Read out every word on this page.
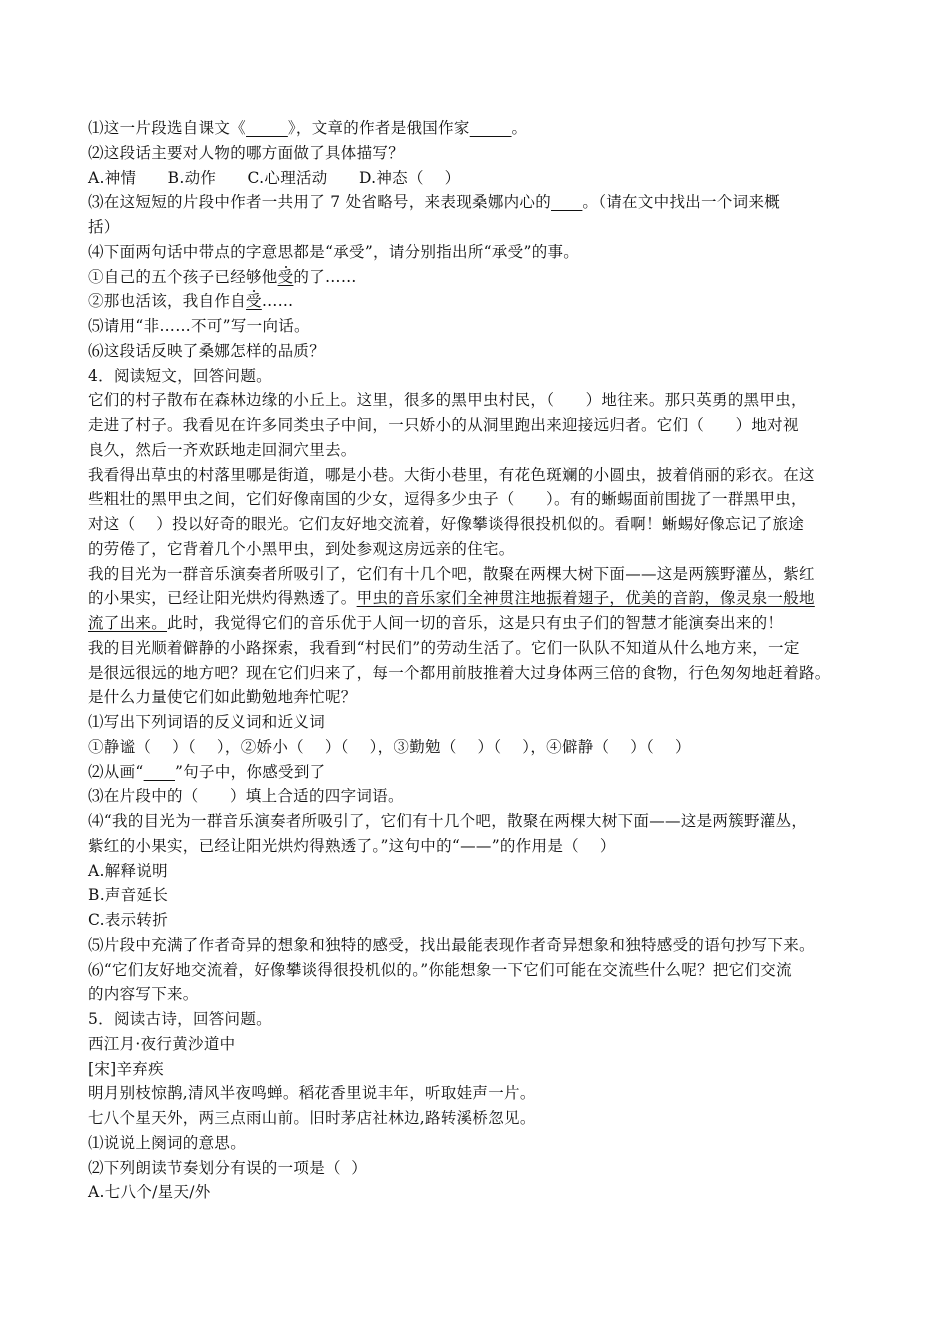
⑴这一片段选自课文《	》，文章的作者是俄国作家	。
⑵这段话主要对人物的哪方面做了具体描写？
A.神情      B.动作      C.心理活动      D.神态（    ）
⑶在这短短的片段中作者一共用了 7 处省略号，来表现桑娜内心的 。（请在文中找出一个词来概
括）
⑷下面两句话中带点的字意思都是“承受”，请分别指出所“承受”的事。
①自己的五个孩子已经够他受的了……
②那也活该，我自作自受……
⑸请用“非……不可”写一向话。
⑹这段话反映了桑娜怎样的品质？
4．阅读短文，回答问题。
它们的村子散布在森林边缘的小丘上。这里，很多的黑甲虫村民，（      ）地往来。那只英勇的黑甲虫，
走进了村子。我看见在许多同类虫子中间，一只娇小的从洞里跑出来迎接远归者。它们（      ）地对视
良久，然后一齐欢跃地走回洞穴里去。
我看得出草虫的村落里哪是街道，哪是小巷。大街小巷里，有花色斑斓的小圆虫，披着俏丽的彩衣。在这
些粗壮的黑甲虫之间，它们好像南国的少女，逗得多少虫子（      ）。有的蜥蜴面前围拢了一群黑甲虫，
对这（    ）投以好奇的眼光。它们友好地交流着，好像攀谈得很投机似的。看啊！蜥蜴好像忘记了旅途
的劳倦了，它背着几个小黑甲虫，到处参观这房远亲的住宅。
我的目光为一群音乐演奏者所吸引了，它们有十几个吧，散聚在两棵大树下面——这是两簇野灌丛，紫红
的小果实，已经让阳光烘灼得熟透了。甲虫的音乐家们全神贯注地振着翅子，优美的音韵，像灵泉一般地
流了出来。此时，我觉得它们的音乐优于人间一切的音乐，这是只有虫子们的智慧才能演奏出来的！
我的目光顺着僻静的小路探索，我看到“村民们”的劳动生活了。它们一队队不知道从什么地方来，一定
是很远很远的地方吧？现在它们归来了，每一个都用前肢推着大过身体两三倍的食物，行色匆匆地赶着路。
是什么力量使它们如此勤勉地奔忙呢？
⑴写出下列词语的反义词和近义词
①静谧（    ）（    ），②娇小（    ）（    ），③勤勉（    ）（    ），④僻静（    ）（    ）
⑵从画“ ”句子中，你感受到了
⑶在片段中的（      ）填上合适的四字词语。
⑷“我的目光为一群音乐演奏者所吸引了，它们有十几个吧，散聚在两棵大树下面——这是两簇野灌丛，
紫红的小果实，已经让阳光烘灼得熟透了。”这句中的“——”的作用是（    ）
A.解释说明
B.声音延长
C.表示转折
⑸片段中充满了作者奇异的想象和独特的感受，找出最能表现作者奇异想象和独特感受的语句抄写下来。
⑹“它们友好地交流着，好像攀谈得很投机似的。”你能想象一下它们可能在交流些什么呢？把它们交流
的内容写下来。
5．阅读古诗，回答问题。
西江月·夜行黄沙道中
[宋]辛弃疾
明月别枝惊鹊,清风半夜鸣蝉。稻花香里说丰年，听取娃声一片。
七八个星天外，两三点雨山前。旧时茅店社林边,路转溪桥忽见。
⑴说说上阕词的意思。
⑵下列朗读节奏划分有误的一项是（  ）
A.七八个/星天/外
